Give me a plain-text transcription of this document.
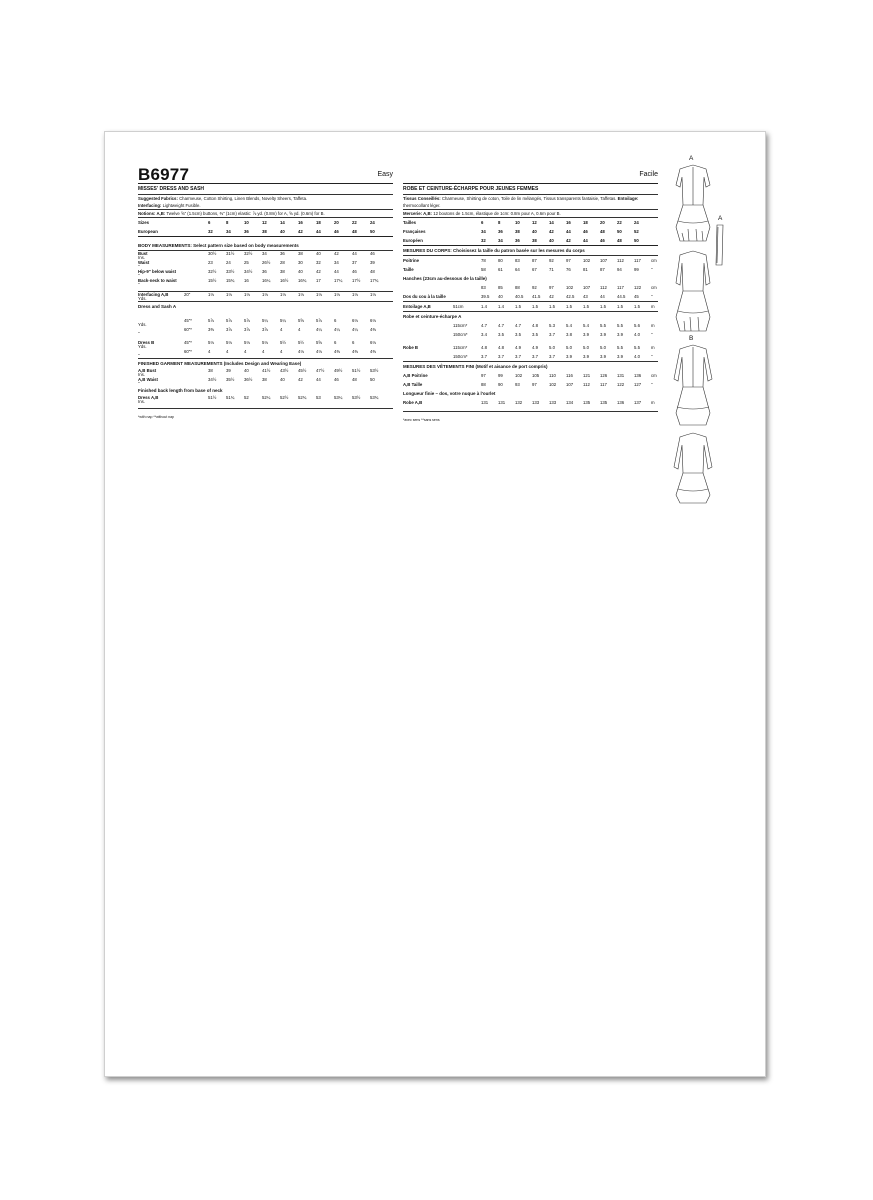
B6977	Easy
MISSES' DRESS AND SASH
Suggested Fabrics: Charmeuse, Cotton Shirting, Linen Blends, Novelty Sheers, Taffeta.
Interfacing: Lightweight Fusible.
Notions: A,B: Twelve ⅝" (1.5cm) buttons, ⅜" (1cm) elastic: ⅞ yd. (0.8m) for A, ⅝ yd. (0.6m) for B.
Sizes	6	8	10	12	14	16	18	20	22	24
European	32	34	36	38	40	42	44	46	48	50
BODY MEASUREMENTS: Select pattern size based on body measurements
Bust	30½	31½	32½	34	36	38	40	42	44	46
Ins.
Waist	23	24	25	26½	28	30	32	34	37	39
"
Hip-9" below waist	32½	33½	34½	36	38	40	42	44	46	48
"
Back-neck to waist	15½	15¾	16	16¼	16½	16¾	17	17¼	17½	17¾
"
Interfacing A,B	20"	1⅛	1⅛	1⅛	1⅛	1⅛	1⅛	1⅛	1⅛	1⅛	1⅛
Yds.
Dress and Sash A
45"*	5⅞	5⅞	5⅞	5¼	5¼	5⅝	5⅞	6	6⅛	6⅛
Yds.
60"*	3⅜	3⅞	3⅞	3⅞	4	4	4¼	4¼	4¼	4⅜
"
Dress B	45"*	5⅛	5⅛	5⅛	5⅛	5½	5½	5⅝	6	6	6⅛
Yds.
60"*	4	4	4	4	4	4⅛	4⅛	4⅜	4⅜	4⅜
"
FINISHED GARMENT MEASUREMENTS (Includes Design and Wearing Ease)
A,B Bust	38	39	40	41½	43½	45½	47½	49½	51½	53½
Ins.
A,B Waist	34½	35½	36½	38	40	42	44	46	48	50
"
Finished back length from base of neck
Dress A,B	51½	51¾	52	52¼	52½	52¾	53	53¼	53½	53¾
Ins.
*with nap **without nap
Facile
ROBE ET CEINTURE-ÉCHARPE POUR JEUNES FEMMES
Tissus Conseillés: Charmeuse, Shirting de coton, Toile de lin mélangés, Tissus transparents fantaisie, Taffetas. Entoilage: thermocollant léger.
Mercerie: A,B: 12 boutons de 1.5cm, élastique de 1cm: 0.8m pour A, 0.6m pour B.
Tailles	6	8	10	12	14	16	18	20	22	24
Françaises	34	36	38	40	42	44	46	48	50	52
Européen	32	34	36	38	40	42	44	46	48	50
MESURES DU CORPS: Choisissez la taille du patron basée sur les mesures du corps
Poitrine	78	80	83	87	92	97	102	107	112	117	cm
Taille	58	61	64	67	71	76	81	87	94	99	"
Hanches (23cm au-dessous de la taille)
83	85	88	92	97	102	107	112	117	122	cm
Dos du cou à la taille	39.5	40	40.5	41.5	42	42.5	43	44	44.5	45	"
Entoilage A,B	51cm	1.4	1.4	1.5	1.5	1.5	1.5	1.5	1.5	1.5	1.5	m
Robe et ceinture-écharpe A
115cm*	4.7	4.7	4.7	4.8	5.3	5.4	5.4	5.5	5.5	5.6	m
150cm*	3.4	3.5	3.5	3.5	3.7	3.8	3.9	3.9	3.9	4.0	"
Robe B	115cm*	4.8	4.8	4.9	4.9	5.0	5.0	5.0	5.0	5.5	5.5	m
150cm*	3.7	3.7	3.7	3.7	3.7	3.9	3.9	3.9	3.9	4.0	"
MESURES DES VÊTEMENTS FINI (Motif et aisance de port compris)
A,B Poitrine	97	99	102	105	110	116	121	126	131	136	cm
A,B Taille	88	90	93	97	102	107	112	117	122	127	"
Longueur finie – dos, votre nuque à l'ourlet
Robe A,B	131	131	132	133	133	134	135	135	136	137	m
*avec sens **sans sens
A
A
B
